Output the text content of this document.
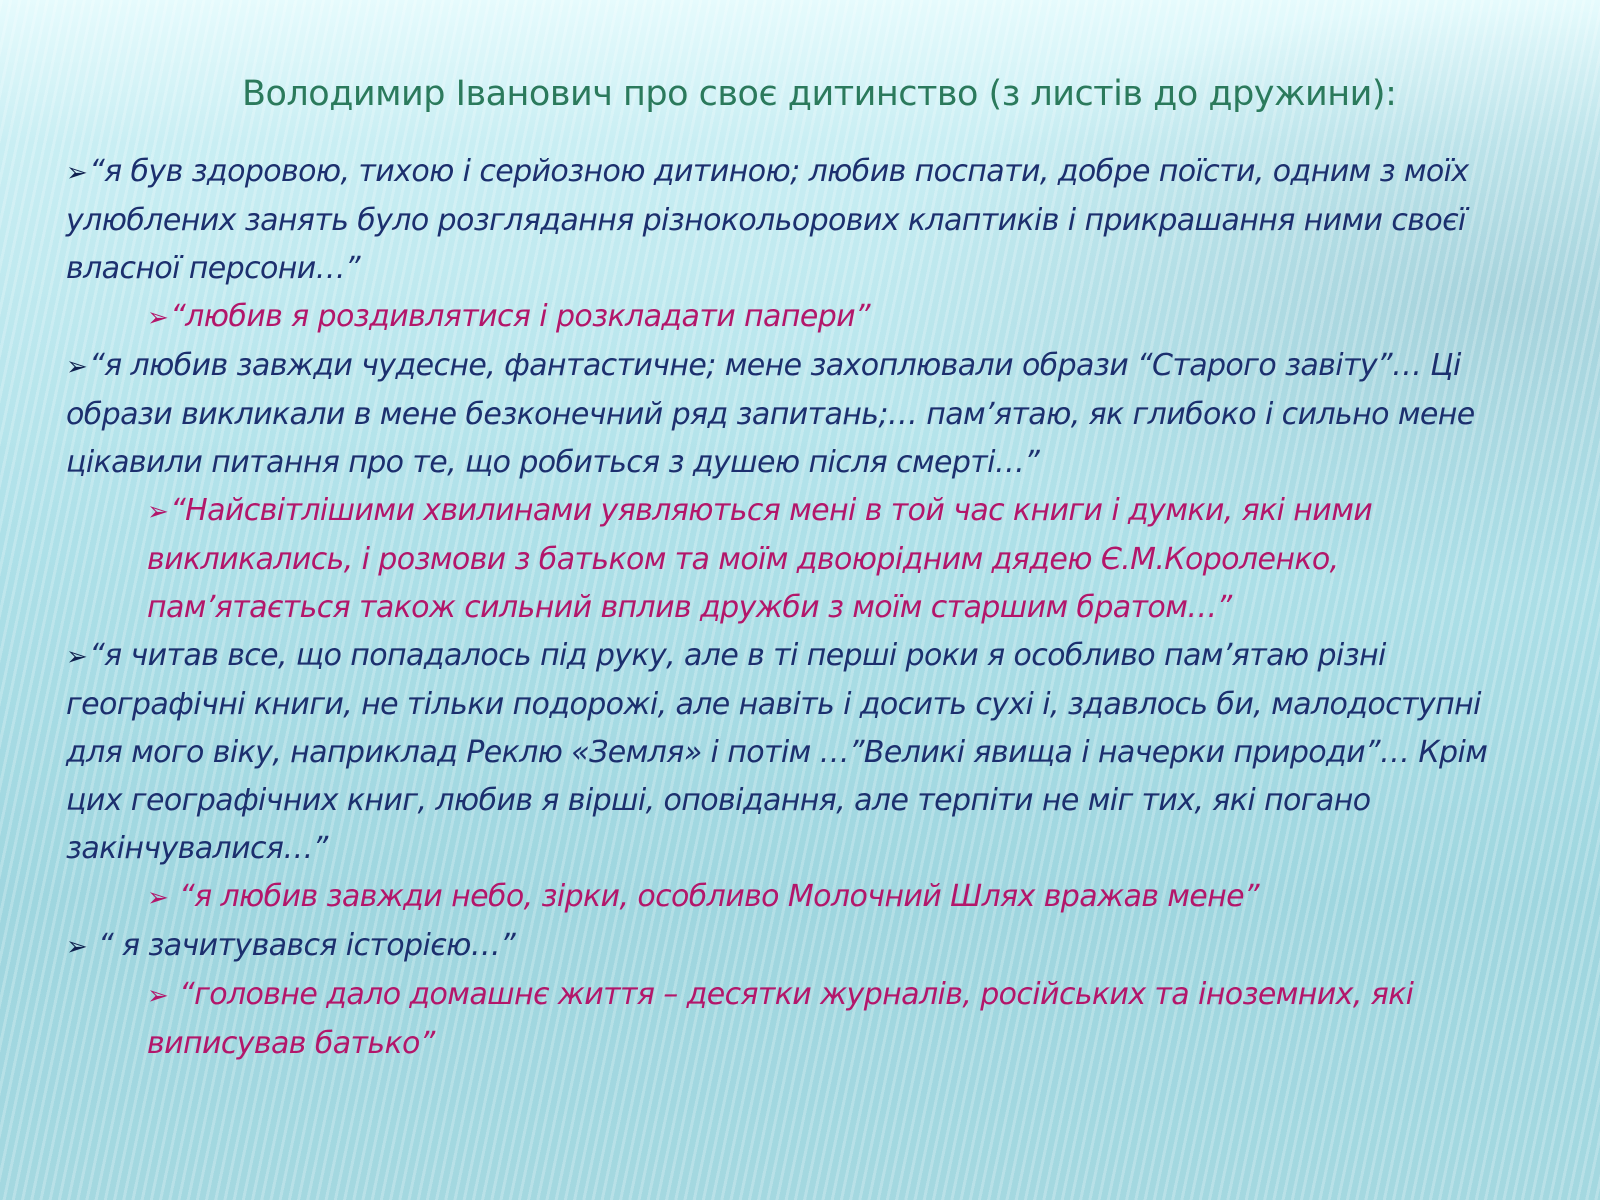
Володимир Іванович про своє дитинство (з листів до дружини):

➢“я був здоровою, тихою і серйозною дитиною; любив поспати, добре поїсти, одним з моїх улюблених занять було розглядання різнокольорових клаптиків і прикрашання ними своєї власної персони…”

➢“любив я роздивлятися і розкладати папери”

➢“я любив завжди чудесне, фантастичне; мене захоплювали образи “Старого завіту”… Ці образи викликали в мене безконечний ряд запитань;… пам’ятаю, як глибоко і сильно мене цікавили питання про те, що робиться з душею після смерті…”

➢“Найсвітлішими хвилинами уявляються мені в той час книги і думки, які ними викликались, і розмови з батьком та моїм двоюрідним дядею Є.М.Короленко, пам’ятається також сильний вплив дружби з моїм старшим братом…”

➢“я читав все, що попадалось під руку, але в ті перші роки я особливо пам’ятаю різні географічні книги, не тільки подорожі, але навіть і досить сухі і, здавлось би, малодоступні для мого віку, наприклад Реклю «Земля» і потім …”Великі явища і начерки природи”… Крім цих географічних книг, любив я вірші, оповідання, але терпіти не міг тих, які погано закінчувалися…”

➢ “я любив завжди небо, зірки, особливо Молочний Шлях вражав мене”

➢ “ я зачитувався історією…”

➢ “головне дало домашнє життя – десятки журналів, російських та іноземних, які виписував батько”
